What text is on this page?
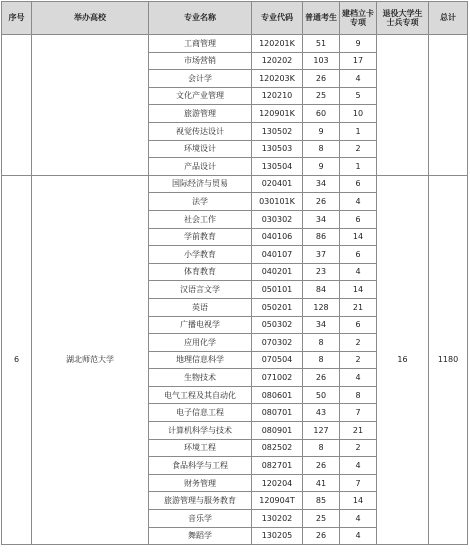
序号	举办高校	专业名称	专业代码	普通考生	建档立卡专项	退役大学生士兵专项	总计

		工商管理	120201K	51	9		
		市场营销	120202	103	17		
		会计学	120203K	26	4		
		文化产业管理	120210	25	5		
		旅游管理	120901K	60	10		
		视觉传达设计	130502	9	1		
		环境设计	130503	8	2		
		产品设计	130504	9	1		
6	湖北师范大学	国际经济与贸易	020401	34	6	16	1180
		法学	030101K	26	4		
		社会工作	030302	34	6		
		学前教育	040106	86	14		
		小学教育	040107	37	6		
		体育教育	040201	23	4		
		汉语言文学	050101	84	14		
		英语	050201	128	21		
		广播电视学	050302	34	6		
		应用化学	070302	8	2		
		地理信息科学	070504	8	2		
		生物技术	071002	26	4		
		电气工程及其自动化	080601	50	8		
		电子信息工程	080701	43	7		
		计算机科学与技术	080901	127	21		
		环境工程	082502	8	2		
		食品科学与工程	082701	26	4		
		财务管理	120204	41	7		
		旅游管理与服务教育	120904T	85	14		
		音乐学	130202	25	4		
		舞蹈学	130205	26	4		
